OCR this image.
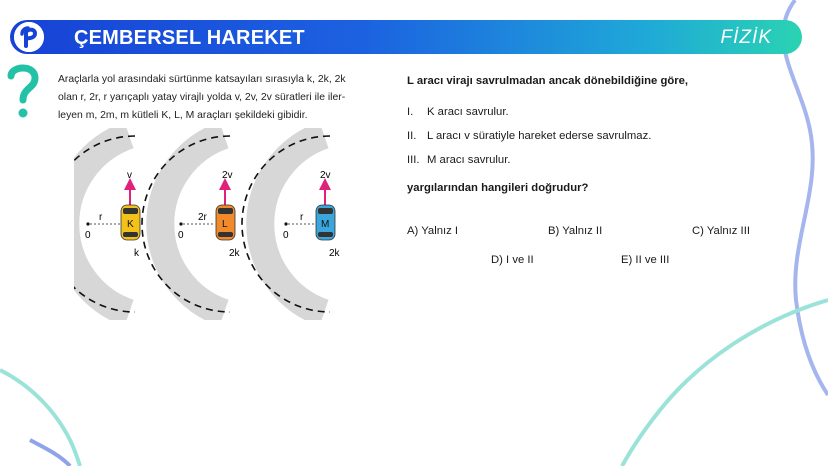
ÇEMBERSEL HAREKET	FİZİK
Araçlarla yol arasındaki sürtünme katsayıları sırasıyla k, 2k, 2k
olan r, 2r, r yarıçaplı yatay virajlı yolda v, 2v, 2v süratleri ile iler-
leyen m, 2m, m kütleli K, L, M araçları şekildeki gibidir.
0
r
v
K
k
0
2r
2v
L
2k
0
r
2v
M
2k
L aracı virajı savrulmadan ancak dönebildiğine göre,
I. K aracı savrulur.
II. L aracı v süratiyle hareket ederse savrulmaz.
III. M aracı savrulur.
yargılarından hangileri doğrudur?
A) Yalnız I	B) Yalnız II	C) Yalnız III
D) I ve II	E) II ve III
